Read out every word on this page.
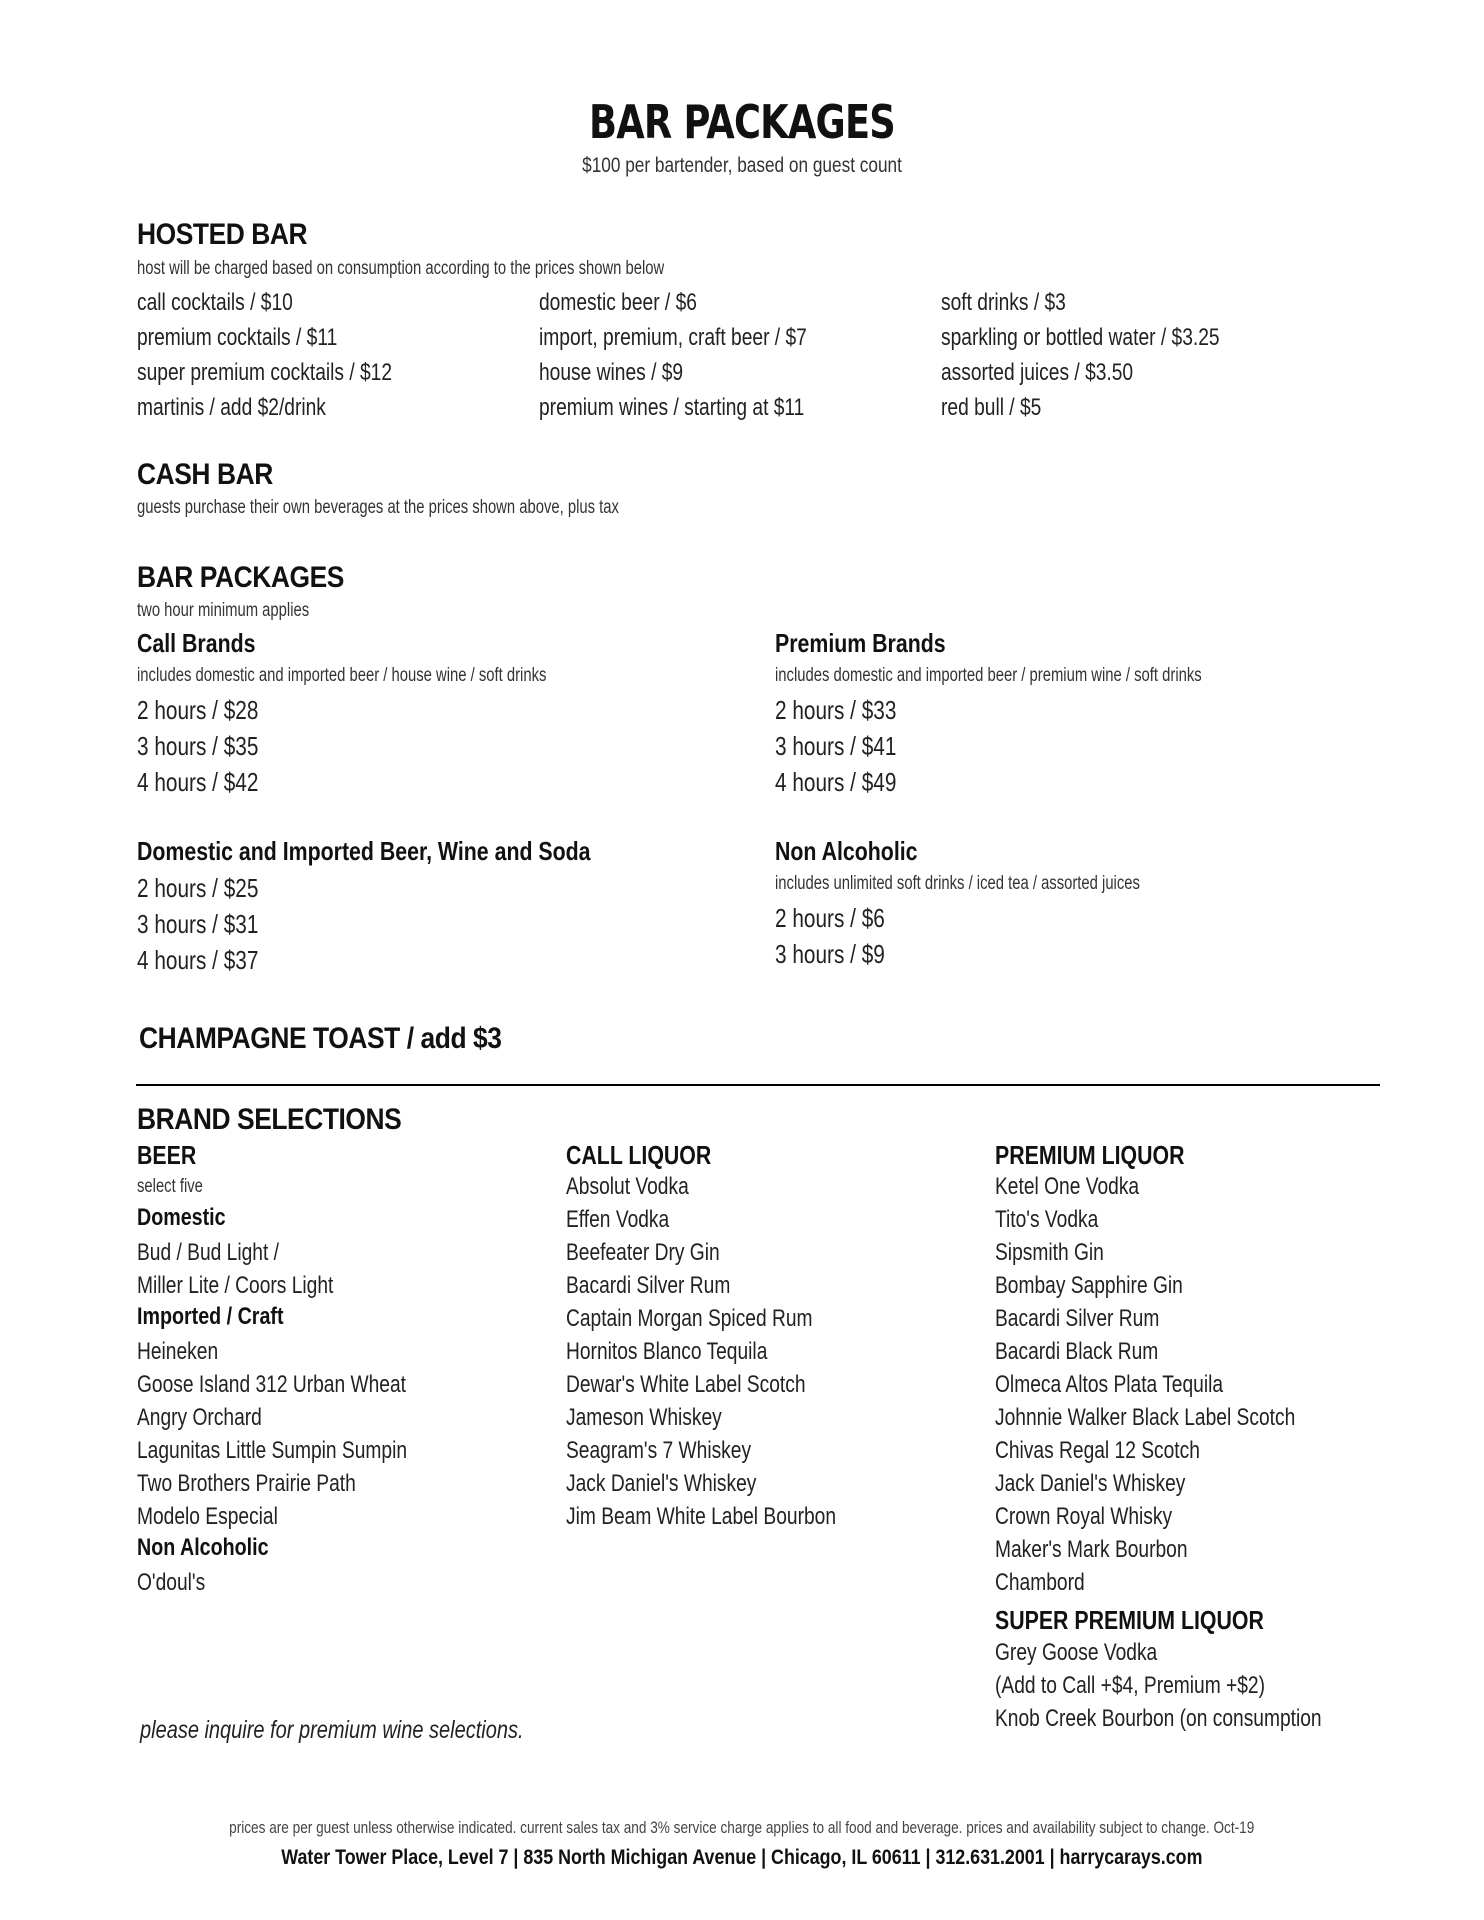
BAR PACKAGES
$100 per bartender, based on guest count
HOSTED BAR
host will be charged based on consumption according to the prices shown below
call cocktails / $10
premium cocktails / $11
super premium cocktails / $12
martinis / add $2/drink
domestic beer / $6
import, premium, craft beer / $7
house wines / $9
premium wines / starting at $11
soft drinks / $3
sparkling or bottled water / $3.25
assorted juices / $3.50
red bull / $5
CASH BAR
guests purchase their own beverages at the prices shown above, plus tax
BAR PACKAGES
two hour minimum applies
Call Brands
includes domestic and imported beer / house wine / soft drinks
2 hours / $28
3 hours / $35
4 hours / $42
Premium Brands
includes domestic and imported beer / premium wine / soft drinks
2 hours / $33
3 hours / $41
4 hours / $49
Domestic and Imported Beer, Wine and Soda
2 hours / $25
3 hours / $31
4 hours / $37
Non Alcoholic
includes unlimited soft drinks / iced tea / assorted juices
2 hours / $6
3 hours / $9
CHAMPAGNE TOAST / add $3
BRAND SELECTIONS
BEER
select five
Domestic
Bud / Bud Light /
Miller Lite / Coors Light
Imported / Craft
Heineken
Goose Island 312 Urban Wheat
Angry Orchard
Lagunitas Little Sumpin Sumpin
Two Brothers Prairie Path
Modelo Especial
Non Alcoholic
O'doul's
CALL LIQUOR
Absolut Vodka
Effen Vodka
Beefeater Dry Gin
Bacardi Silver Rum
Captain Morgan Spiced Rum
Hornitos Blanco Tequila
Dewar's White Label Scotch
Jameson Whiskey
Seagram's 7 Whiskey
Jack Daniel's Whiskey
Jim Beam White Label Bourbon
PREMIUM LIQUOR
Ketel One Vodka
Tito's Vodka
Sipsmith Gin
Bombay Sapphire Gin
Bacardi Silver Rum
Bacardi Black Rum
Olmeca Altos Plata Tequila
Johnnie Walker Black Label Scotch
Chivas Regal 12 Scotch
Jack Daniel's Whiskey
Crown Royal Whisky
Maker's Mark Bourbon
Chambord
SUPER PREMIUM LIQUOR
Grey Goose Vodka
(Add to Call +$4, Premium +$2)
Knob Creek Bourbon (on consumption
please inquire for premium wine selections.
prices are per guest unless otherwise indicated. current sales tax and 3% service charge applies to all food and beverage. prices and availability subject to change. Oct-19
Water Tower Place, Level 7 | 835 North Michigan Avenue | Chicago, IL 60611 | 312.631.2001 | harrycarays.com
